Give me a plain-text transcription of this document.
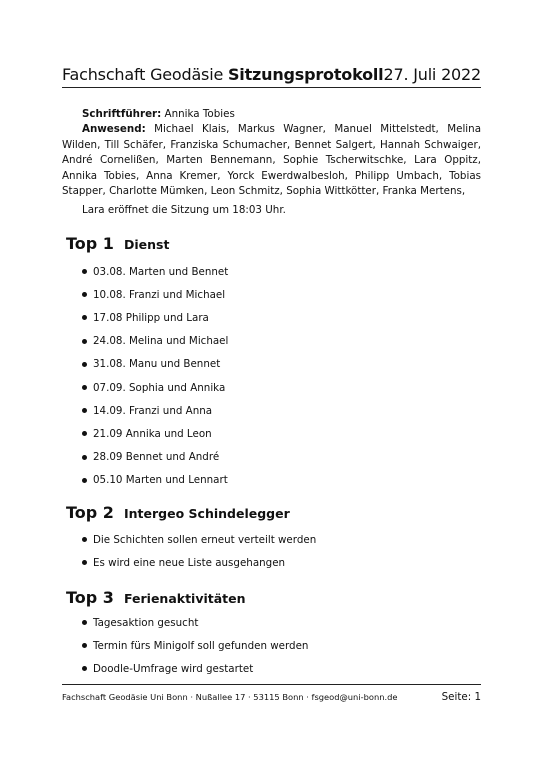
Fachschaft Geodäsie Sitzungsprotokoll 27. Juli 2022

Schriftführer: Annika Tobies

Anwesend: Michael Klais, Markus Wagner, Manuel Mittelstedt, Melina Wilden, Till Schäfer, Franziska Schumacher, Bennet Salgert, Hannah Schwaiger, André Cornelißen, Marten Bennemann, Sophie Tscherwitschke, Lara Oppitz, Annika Tobies, Anna Kremer, Yorck Ewerdwalbesloh, Philipp Umbach, Tobias Stapper, Charlotte Mümken, Leon Schmitz, Sophia Wittkötter, Franka Mertens,

Lara eröffnet die Sitzung um 18:03 Uhr.
Top 1 Dienst
03.08. Marten und Bennet
10.08. Franzi und Michael
17.08 Philipp und Lara
24.08. Melina und Michael
31.08. Manu und Bennet
07.09. Sophia und Annika
14.09. Franzi und Anna
21.09 Annika und Leon
28.09 Bennet und André
05.10 Marten und Lennart
Top 2 Intergeo Schindelegger
Die Schichten sollen erneut verteilt werden
Es wird eine neue Liste ausgehangen
Top 3 Ferienaktivitäten
Tagesaktion gesucht
Termin fürs Minigolf soll gefunden werden
Doodle-Umfrage wird gestartet
Fachschaft Geodäsie Uni Bonn · Nußallee 17 · 53115 Bonn · fsgeod@uni-bonn.de	Seite: 1
